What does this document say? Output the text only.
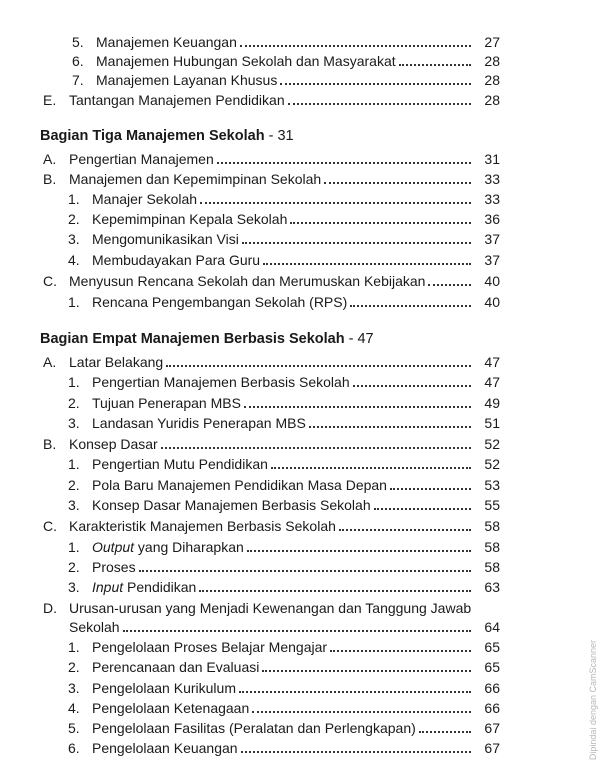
5. Manajemen Keuangan	27
6. Manajemen Hubungan Sekolah dan Masyarakat	28
7. Manajemen Layanan Khusus	28
E. Tantangan Manajemen Pendidikan	28
Bagian Tiga Manajemen Sekolah - 31
A. Pengertian Manajemen	31
B. Manajemen dan Kepemimpinan Sekolah	33
1. Manajer Sekolah	33
2. Kepemimpinan Kepala Sekolah	36
3. Mengomunikasikan Visi	37
4. Membudayakan Para Guru	37
C. Menyusun Rencana Sekolah dan Merumuskan Kebijakan	40
1. Rencana Pengembangan Sekolah (RPS)	40
Bagian Empat Manajemen Berbasis Sekolah - 47
A. Latar Belakang	47
1. Pengertian Manajemen Berbasis Sekolah	47
2. Tujuan Penerapan MBS	49
3. Landasan Yuridis Penerapan MBS	51
B. Konsep Dasar	52
1. Pengertian Mutu Pendidikan	52
2. Pola Baru Manajemen Pendidikan Masa Depan	53
3. Konsep Dasar Manajemen Berbasis Sekolah	55
C. Karakteristik Manajemen Berbasis Sekolah	58
1. Output yang Diharapkan	58
2. Proses	58
3. Input Pendidikan	63
D. Urusan-urusan yang Menjadi Kewenangan dan Tanggung Jawab
Sekolah	64
1. Pengelolaan Proses Belajar Mengajar	65
2. Perencanaan dan Evaluasi	65
3. Pengelolaan Kurikulum	66
4. Pengelolaan Ketenagaan	66
5. Pengelolaan Fasilitas (Peralatan dan Perlengkapan)	67
6. Pengelolaan Keuangan	67	Dipindai dengan CamScanner
